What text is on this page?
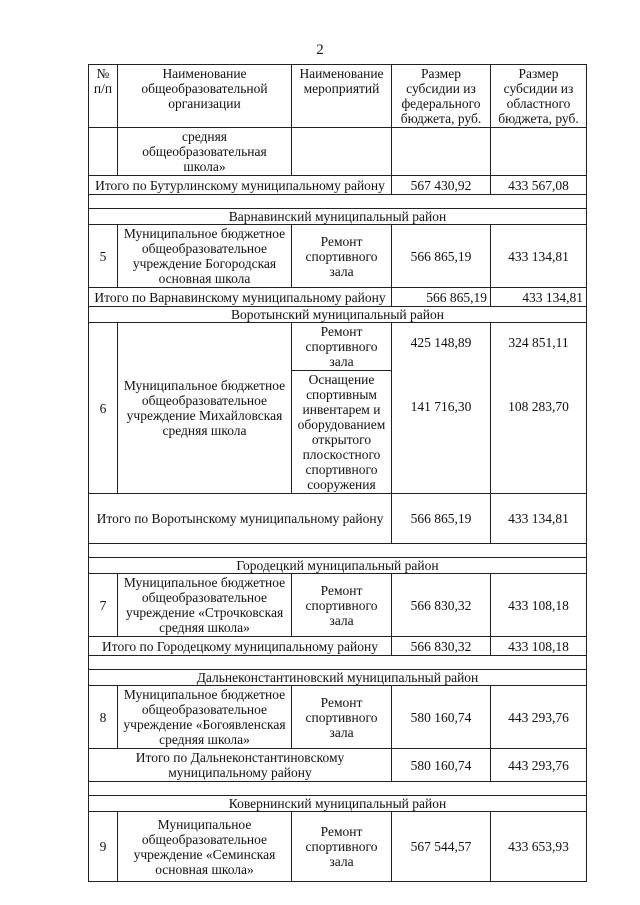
2
№ п/п	Наименование общеобразовательной организации	Наименование мероприятий	Размер субсидии из федерального бюджета, руб.	Размер субсидии из областного бюджета, руб.
	средняя общеобразовательная школа»			
Итого по Бутурлинскому муниципальному району			567 430,92	433 567,08

Варнавинский муниципальный район				
5	Муниципальное бюджетное общеобразовательное учреждение Богородская основная школа	Ремонт спортивного зала	566 865,19	433 134,81
Итого по Варнавинскому муниципальному району			566 865,19	433 134,81
Воротынский муниципальный район				
6	Муниципальное бюджетное общеобразовательное учреждение Михайловская средняя школа	Ремонт спортивного зала	425 148,89	324 851,11
		Оснащение спортивным инвентарем и оборудованием открытого плоскостного спортивного сооружения	141 716,30	108 283,70
Итого по Воротынскому муниципальному району			566 865,19	433 134,81

Городецкий муниципальный район				
7	Муниципальное бюджетное общеобразовательное учреждение «Строчковская средняя школа»	Ремонт спортивного зала	566 830,32	433 108,18
Итого по Городецкому муниципальному району			566 830,32	433 108,18

Дальнеконстантиновский муниципальный район				
8	Муниципальное бюджетное общеобразовательное учреждение «Богоявленская средняя школа»	Ремонт спортивного зала	580 160,74	443 293,76
Итого по Дальнеконстантиновскому муниципальному району			580 160,74	443 293,76

Ковернинский муниципальный район				
9	Муниципальное общеобразовательное учреждение «Семинская основная школа»	Ремонт спортивного зала	567 544,57	433 653,93
